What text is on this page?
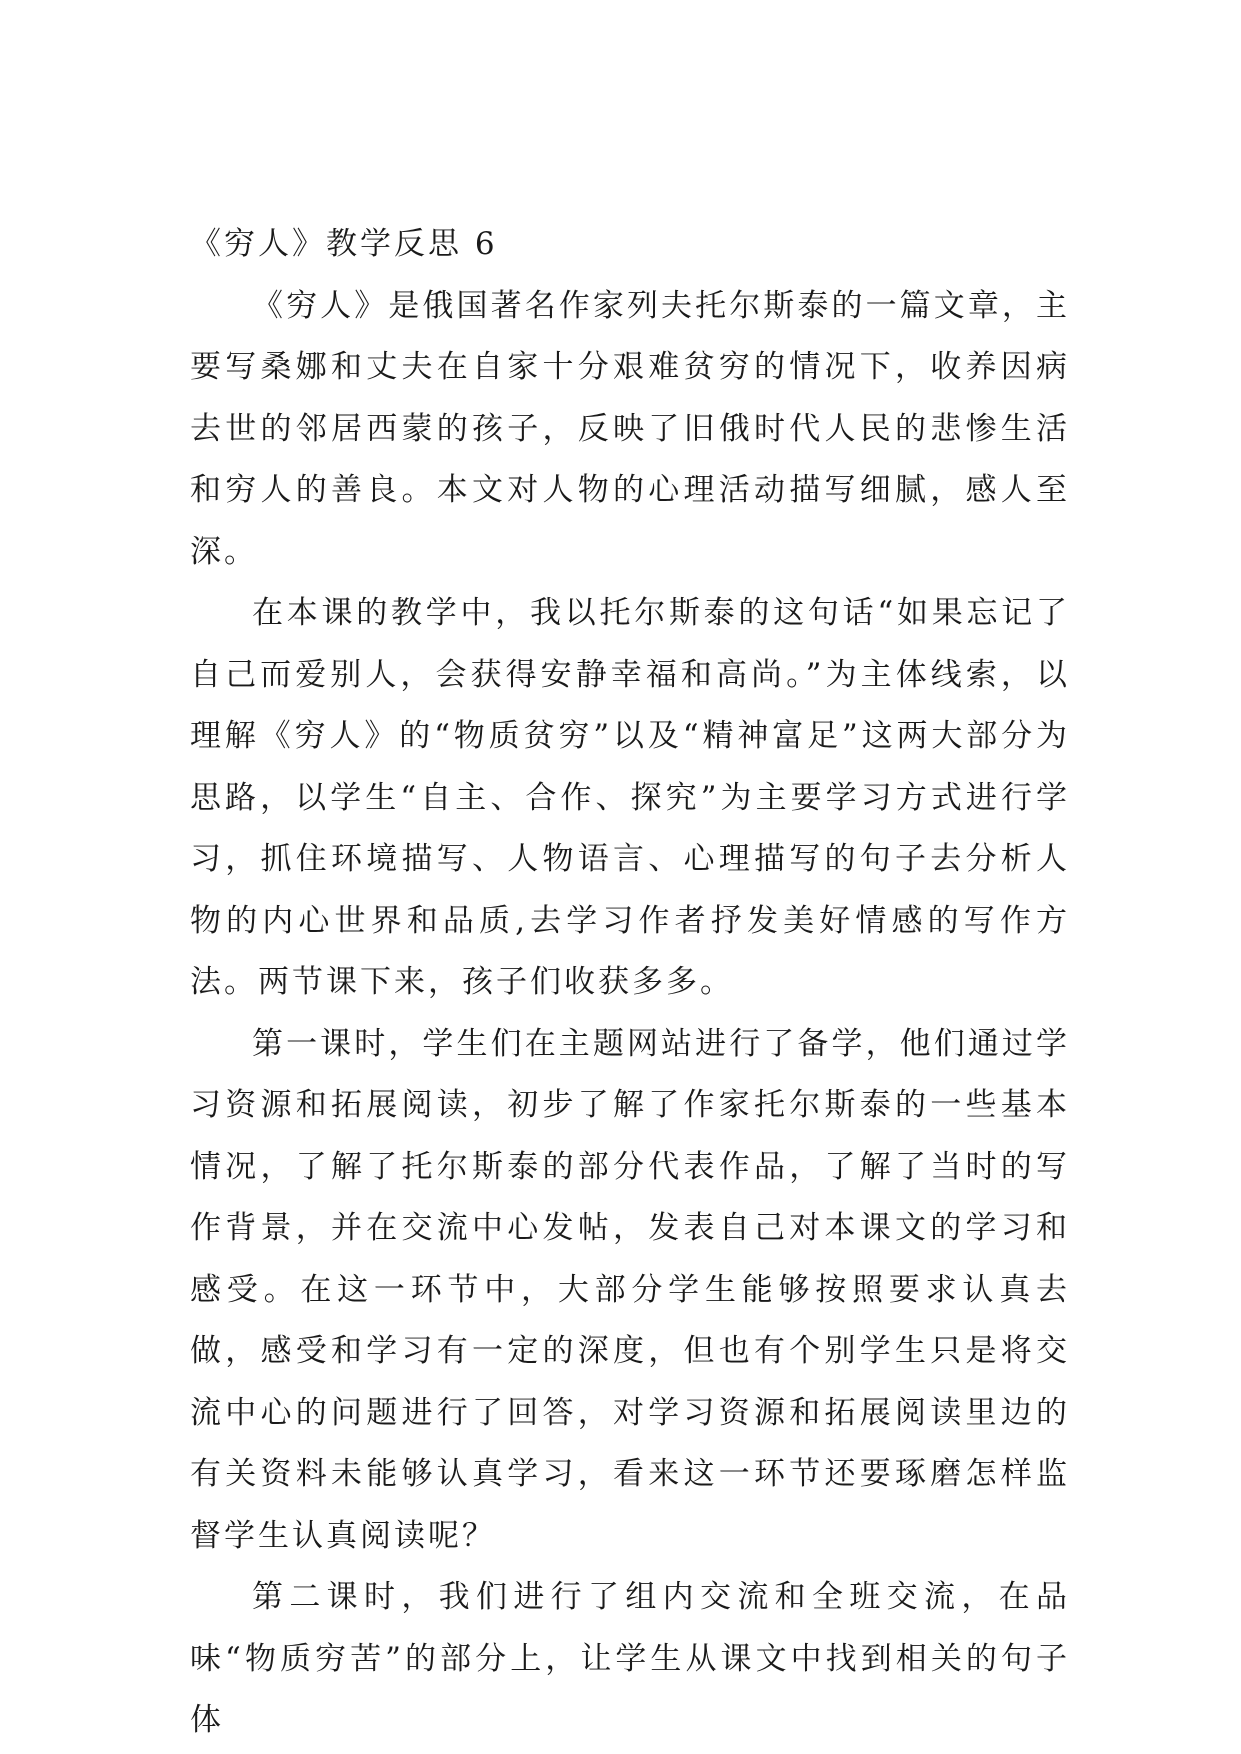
《穷人》教学反思 6

《穷人》是俄国著名作家列夫托尔斯泰的一篇文章，主要写桑娜和丈夫在自家十分艰难贫穷的情况下，收养因病去世的邻居西蒙的孩子，反映了旧俄时代人民的悲惨生活和穷人的善良。本文对人物的心理活动描写细腻，感人至深。

在本课的教学中，我以托尔斯泰的这句话“如果忘记了自己而爱别人，会获得安静幸福和高尚。”为主体线索，以理解《穷人》的“物质贫穷”以及“精神富足”这两大部分为思路，以学生“自主、合作、探究”为主要学习方式进行学习，抓住环境描写、人物语言、心理描写的句子去分析人物的内心世界和品质,去学习作者抒发美好情感的写作方法。两节课下来，孩子们收获多多。

第一课时，学生们在主题网站进行了备学，他们通过学习资源和拓展阅读，初步了解了作家托尔斯泰的一些基本情况，了解了托尔斯泰的部分代表作品，了解了当时的写作背景，并在交流中心发帖，发表自己对本课文的学习和感受。在这一环节中，大部分学生能够按照要求认真去做，感受和学习有一定的深度，但也有个别学生只是将交流中心的问题进行了回答，对学习资源和拓展阅读里边的有关资料未能够认真学习，看来这一环节还要琢磨怎样监督学生认真阅读呢？

第二课时，我们进行了组内交流和全班交流，在品味“物质穷苦”的部分上，让学生从课文中找到相关的句子体
